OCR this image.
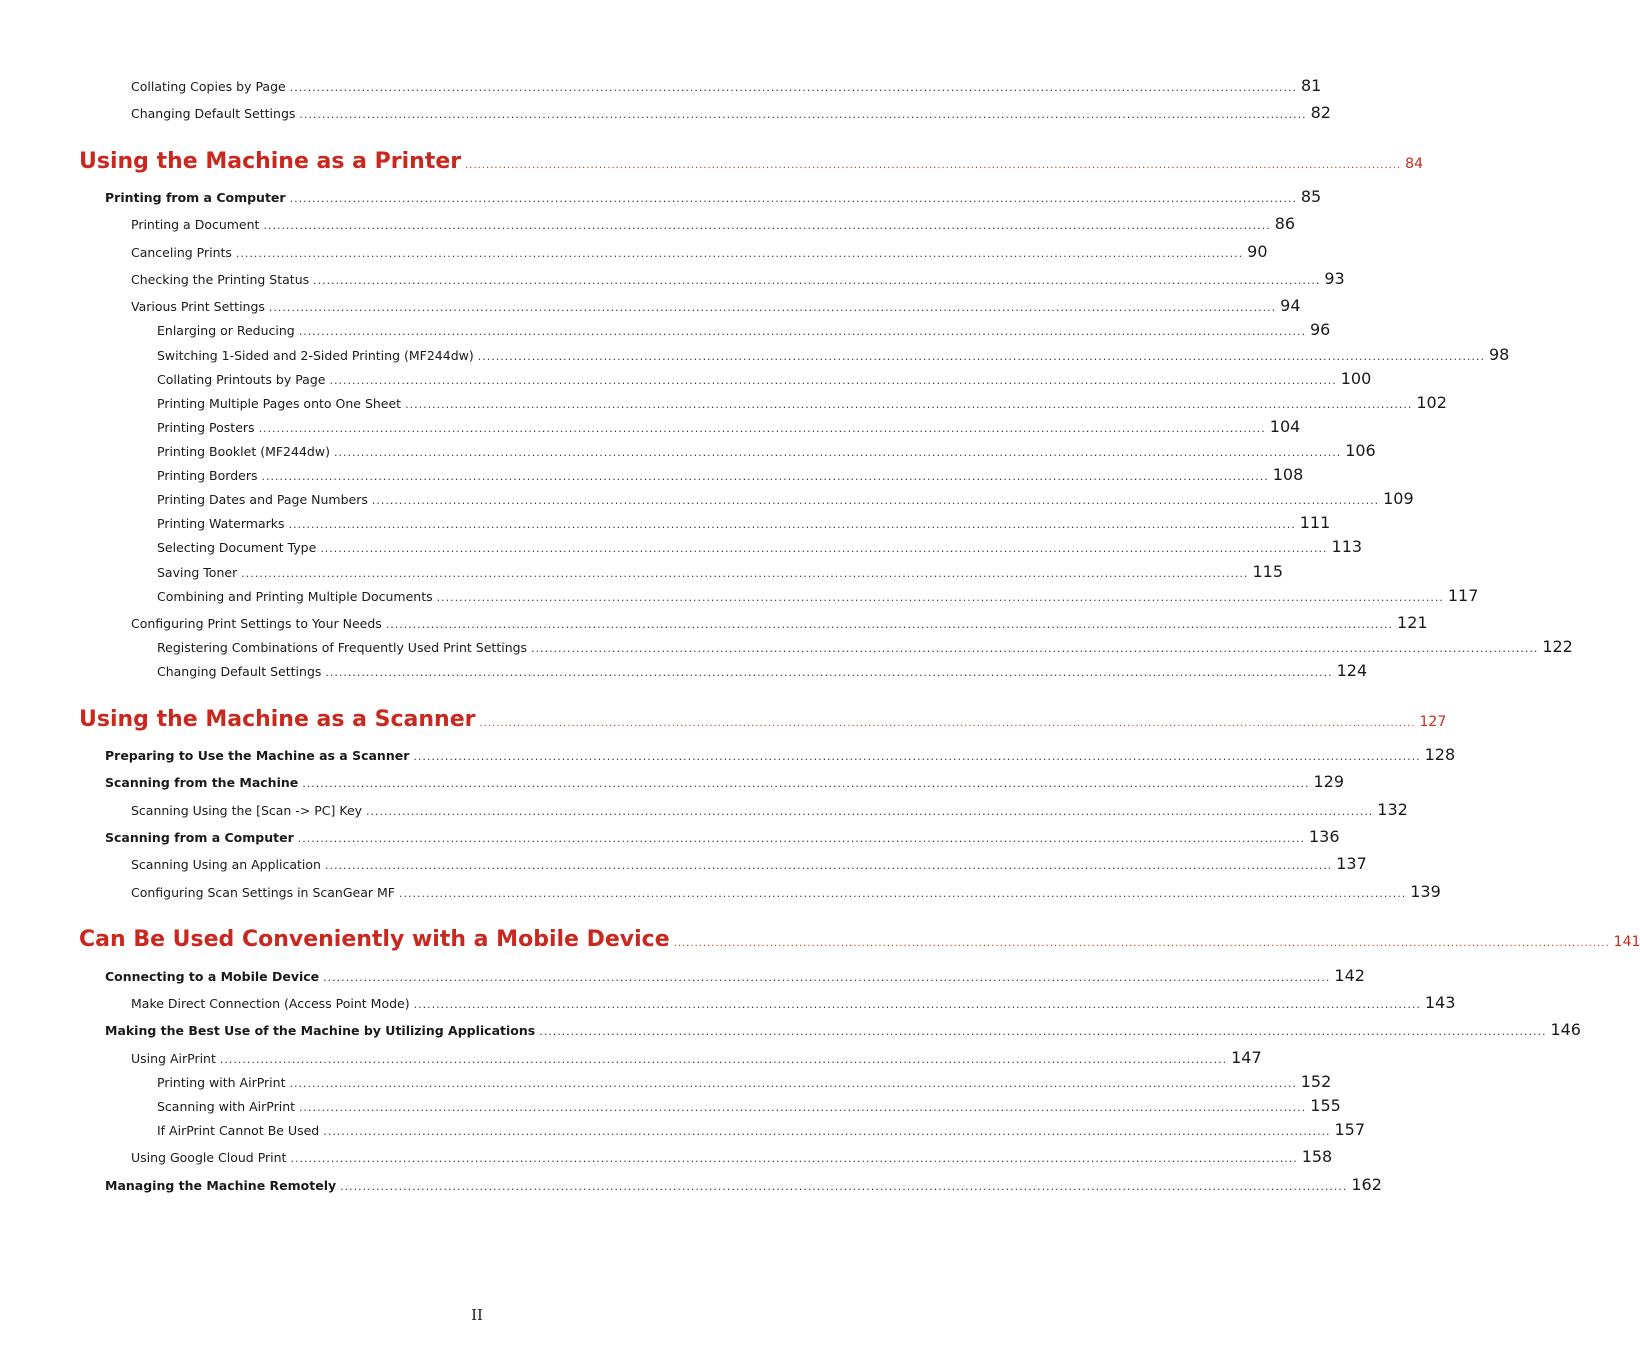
Collating Copies by Page ................................................................................................................................................................................................................................ 81
Changing Default Settings ................................................................................................................................................................................................................................ 82
Using the Machine as a Printer ................................................................................................................................................................................................................................ 84
Printing from a Computer ................................................................................................................................................................................................................................ 85
Printing a Document ................................................................................................................................................................................................................................ 86
Canceling Prints ................................................................................................................................................................................................................................ 90
Checking the Printing Status ................................................................................................................................................................................................................................ 93
Various Print Settings ................................................................................................................................................................................................................................ 94
Enlarging or Reducing ................................................................................................................................................................................................................................ 96
Switching 1-Sided and 2-Sided Printing (MF244dw) ................................................................................................................................................................................................................................ 98
Collating Printouts by Page ................................................................................................................................................................................................................................ 100
Printing Multiple Pages onto One Sheet ................................................................................................................................................................................................................................ 102
Printing Posters ................................................................................................................................................................................................................................ 104
Printing Booklet (MF244dw) ................................................................................................................................................................................................................................ 106
Printing Borders ................................................................................................................................................................................................................................ 108
Printing Dates and Page Numbers ................................................................................................................................................................................................................................ 109
Printing Watermarks ................................................................................................................................................................................................................................ 111
Selecting Document Type ................................................................................................................................................................................................................................ 113
Saving Toner ................................................................................................................................................................................................................................ 115
Combining and Printing Multiple Documents ................................................................................................................................................................................................................................ 117
Configuring Print Settings to Your Needs ................................................................................................................................................................................................................................ 121
Registering Combinations of Frequently Used Print Settings ................................................................................................................................................................................................................................ 122
Changing Default Settings ................................................................................................................................................................................................................................ 124
Using the Machine as a Scanner ................................................................................................................................................................................................................................ 127
Preparing to Use the Machine as a Scanner ................................................................................................................................................................................................................................ 128
Scanning from the Machine ................................................................................................................................................................................................................................ 129
Scanning Using the [Scan -> PC] Key ................................................................................................................................................................................................................................ 132
Scanning from a Computer ................................................................................................................................................................................................................................ 136
Scanning Using an Application ................................................................................................................................................................................................................................ 137
Configuring Scan Settings in ScanGear MF ................................................................................................................................................................................................................................ 139
Can Be Used Conveniently with a Mobile Device ................................................................................................................................................................................................................................ 141
Connecting to a Mobile Device ................................................................................................................................................................................................................................ 142
Make Direct Connection (Access Point Mode) ................................................................................................................................................................................................................................ 143
Making the Best Use of the Machine by Utilizing Applications ................................................................................................................................................................................................................................ 146
Using AirPrint ................................................................................................................................................................................................................................ 147
Printing with AirPrint ................................................................................................................................................................................................................................ 152
Scanning with AirPrint ................................................................................................................................................................................................................................ 155
If AirPrint Cannot Be Used ................................................................................................................................................................................................................................ 157
Using Google Cloud Print ................................................................................................................................................................................................................................ 158
Managing the Machine Remotely ................................................................................................................................................................................................................................ 162
II
